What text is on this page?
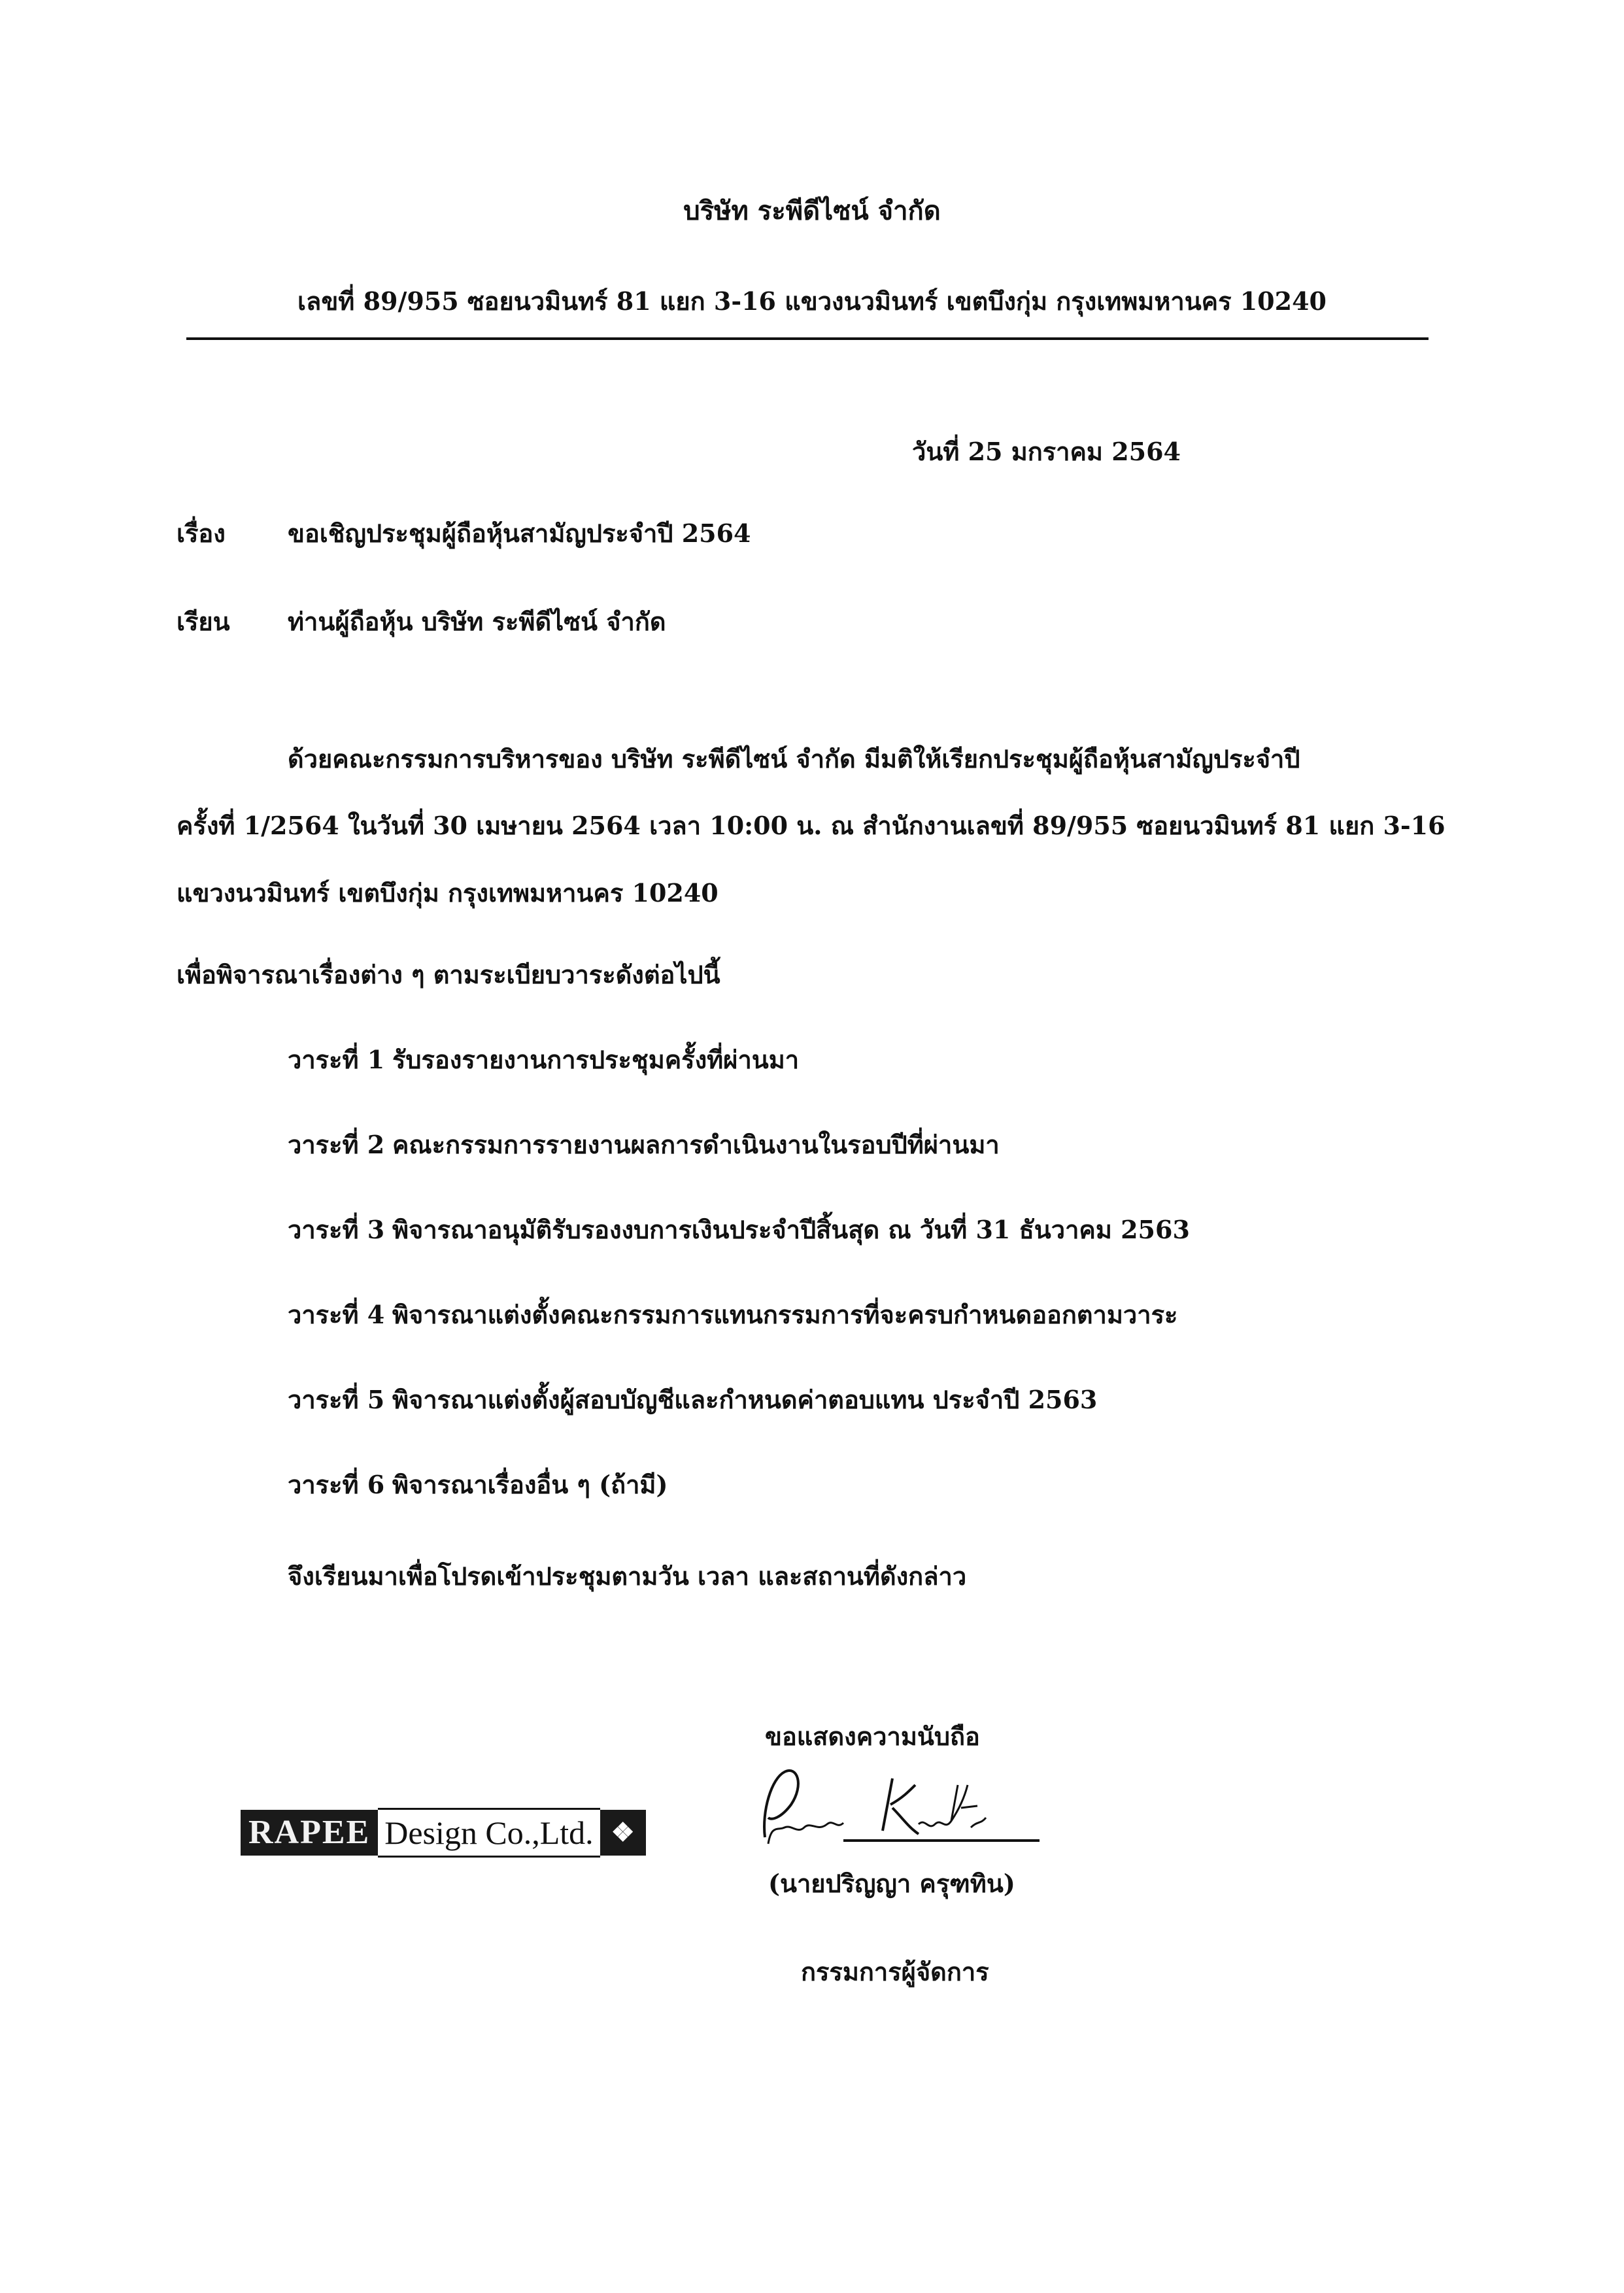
บริษัท ระพีดีไซน์ จำกัด
เลขที่ 89/955 ซอยนวมินทร์ 81 แยก 3-16 แขวงนวมินทร์ เขตบึงกุ่ม กรุงเทพมหานคร 10240
วันที่ 25 มกราคม 2564
เรื่อง	ขอเชิญประชุมผู้ถือหุ้นสามัญประจำปี 2564
เรียน ท่านผู้ถือหุ้น บริษัท ระพีดีไซน์ จำกัด
ด้วยคณะกรรมการบริหารของ บริษัท ระพีดีไซน์ จำกัด มีมติให้เรียกประชุมผู้ถือหุ้นสามัญประจำปี
ครั้งที่ 1/2564 ในวันที่ 30 เมษายน 2564 เวลา 10:00 น. ณ สำนักงานเลขที่ 89/955 ซอยนวมินทร์ 81 แยก 3-16
แขวงนวมินทร์ เขตบึงกุ่ม กรุงเทพมหานคร 10240
เพื่อพิจารณาเรื่องต่าง ๆ ตามระเบียบวาระดังต่อไปนี้
วาระที่ 1 รับรองรายงานการประชุมครั้งที่ผ่านมา
วาระที่ 2 คณะกรรมการรายงานผลการดำเนินงานในรอบปีที่ผ่านมา
วาระที่ 3 พิจารณาอนุมัติรับรองงบการเงินประจำปีสิ้นสุด ณ วันที่ 31 ธันวาคม 2563
วาระที่ 4 พิจารณาแต่งตั้งคณะกรรมการแทนกรรมการที่จะครบกำหนดออกตามวาระ
วาระที่ 5 พิจารณาแต่งตั้งผู้สอบบัญชีและกำหนดค่าตอบแทน ประจำปี 2563
วาระที่ 6 พิจารณาเรื่องอื่น ๆ (ถ้ามี)
จึงเรียนมาเพื่อโปรดเข้าประชุมตามวัน เวลา และสถานที่ดังกล่าว
ขอแสดงความนับถือ
RAPEE Design Co.,Ltd. ❖
(นายปริญญา ครุฑทิน)
กรรมการผู้จัดการ
